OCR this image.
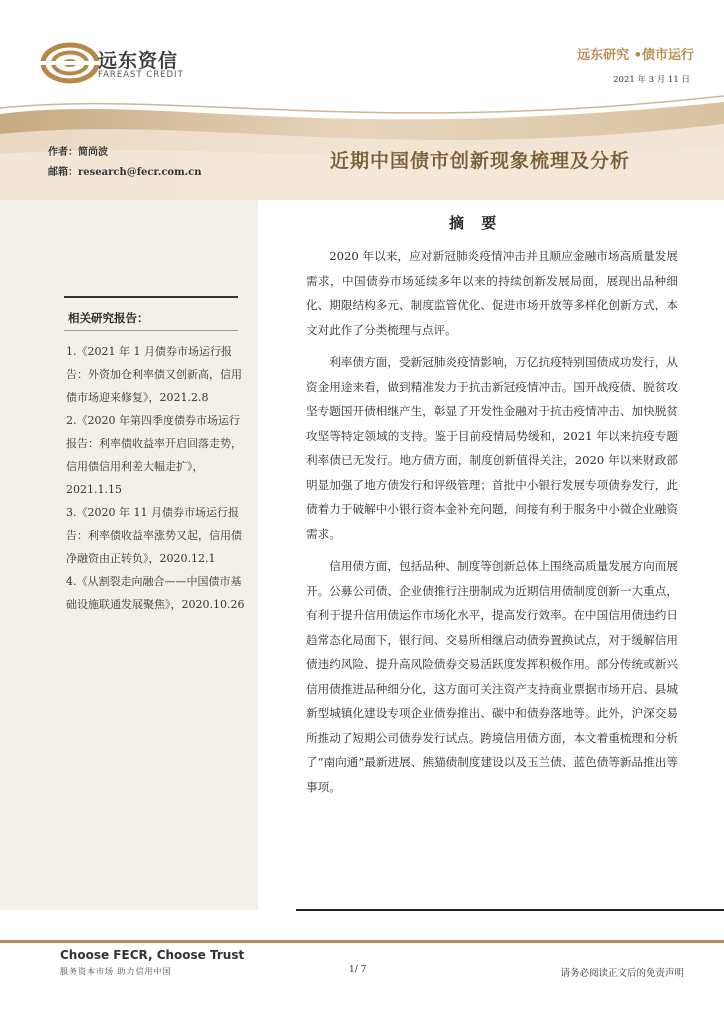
远东资信
FAREAST CREDIT
远东研究 •债市运行
2021 年 3 月 11 日
作者：简尚波
邮箱：research@fecr.com.cn
近期中国债市创新现象梳理及分析
相关研究报告：
1.《2021 年 1 月债券市场运行报告：外资加仓利率债又创新高，信用债市场迎来修复》，2021.2.8
2.《2020 年第四季度债券市场运行报告：利率债收益率开启回落走势，信用债信用利差大幅走扩》，2021.1.15
3.《2020 年 11 月债券市场运行报告：利率债收益率涨势又起，信用债净融资由正转负》，2020.12.1
4.《从割裂走向融合——中国债市基础设施联通发展聚焦》，2020.10.26
摘 要

2020 年以来，应对新冠肺炎疫情冲击并且顺应金融市场高质量发展需求，中国债券市场延续多年以来的持续创新发展局面，展现出品种细化、期限结构多元、制度监管优化、促进市场开放等多样化创新方式，本文对此作了分类梳理与点评。

利率债方面，受新冠肺炎疫情影响，万亿抗疫特别国债成功发行，从资金用途来看，做到精准发力于抗击新冠疫情冲击。国开战疫债、脱贫攻坚专题国开债相继产生，彰显了开发性金融对于抗击疫情冲击、加快脱贫攻坚等特定领域的支持。鉴于目前疫情局势缓和，2021 年以来抗疫专题利率债已无发行。地方债方面，制度创新值得关注，2020 年以来财政部明显加强了地方债发行和评级管理；首批中小银行发展专项债券发行，此债着力于破解中小银行资本金补充问题，间接有利于服务中小微企业融资需求。

信用债方面，包括品种、制度等创新总体上围绕高质量发展方向而展开。公募公司债、企业债推行注册制成为近期信用债制度创新一大重点，有利于提升信用债运作市场化水平，提高发行效率。在中国信用债违约日趋常态化局面下，银行间、交易所相继启动债券置换试点，对于缓解信用债违约风险、提升高风险债券交易活跃度发挥积极作用。部分传统或新兴信用债推进品种细分化，这方面可关注资产支持商业票据市场开启、县城新型城镇化建设专项企业债券推出、碳中和债券落地等。此外，沪深交易所推动了短期公司债券发行试点。跨境信用债方面，本文着重梳理和分析了“南向通”最新进展、熊猫债制度建设以及玉兰债、蓝色债等新品推出等事项。

Choose FECR, Choose Trust
服务资本市场 助力信用中国	1/ 7	请务必阅读正文后的免责声明
